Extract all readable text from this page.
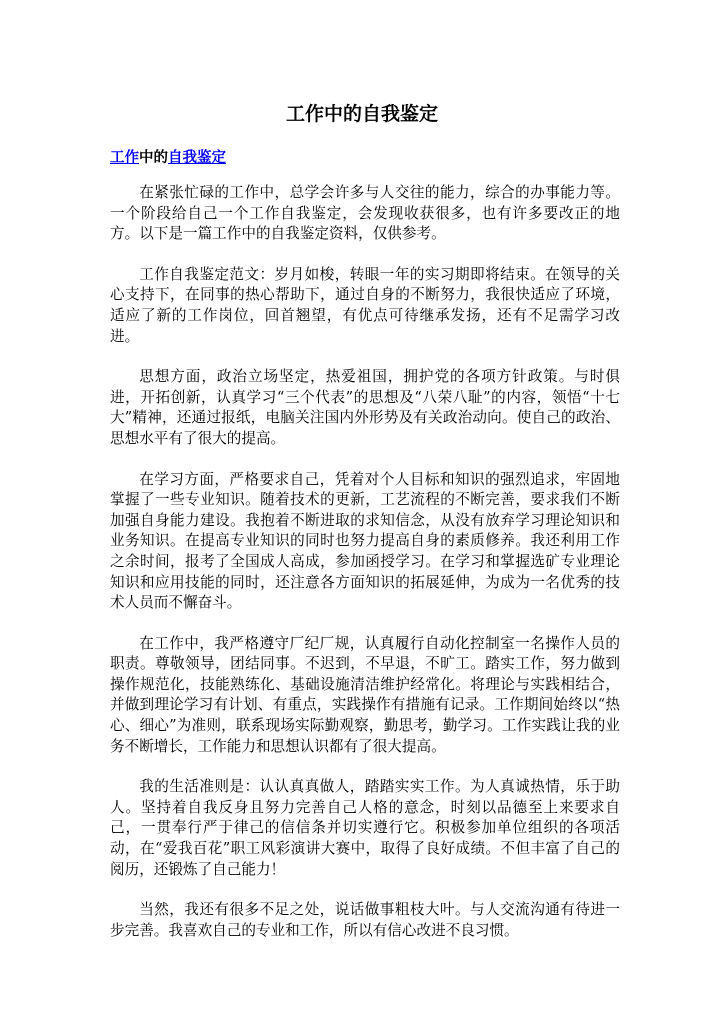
工作中的自我鉴定
工作中的自我鉴定

在紧张忙碌的工作中，总学会许多与人交往的能力，综合的办事能力等。一个阶段给自己一个工作自我鉴定，会发现收获很多，也有许多要改正的地方。以下是一篇工作中的自我鉴定资料，仅供参考。

工作自我鉴定范文：岁月如梭，转眼一年的实习期即将结束。在领导的关心支持下，在同事的热心帮助下，通过自身的不断努力，我很快适应了环境，适应了新的工作岗位，回首翘望，有优点可待继承发扬，还有不足需学习改进。

思想方面，政治立场坚定，热爱祖国，拥护党的各项方针政策。与时俱进，开拓创新，认真学习“三个代表”的思想及“八荣八耻”的内容，领悟“十七大”精神，还通过报纸，电脑关注国内外形势及有关政治动向。使自己的政治、思想水平有了很大的提高。

在学习方面，严格要求自己，凭着对个人目标和知识的强烈追求，牢固地掌握了一些专业知识。随着技术的更新，工艺流程的不断完善，要求我们不断加强自身能力建设。我抱着不断进取的求知信念，从没有放弃学习理论知识和业务知识。在提高专业知识的同时也努力提高自身的素质修养。我还利用工作之余时间，报考了全国成人高成，参加函授学习。在学习和掌握选矿专业理论知识和应用技能的同时，还注意各方面知识的拓展延伸，为成为一名优秀的技术人员而不懈奋斗。

在工作中，我严格遵守厂纪厂规，认真履行自动化控制室一名操作人员的职责。尊敬领导，团结同事。不迟到，不早退，不旷工。踏实工作，努力做到操作规范化，技能熟练化、基础设施清洁维护经常化。将理论与实践相结合，并做到理论学习有计划、有重点，实践操作有措施有记录。工作期间始终以“热心、细心”为准则，联系现场实际勤观察，勤思考，勤学习。工作实践让我的业务不断增长，工作能力和思想认识都有了很大提高。

我的生活准则是：认认真真做人，踏踏实实工作。为人真诚热情，乐于助人。坚持着自我反身且努力完善自己人格的意念，时刻以品德至上来要求自己，一贯奉行严于律己的信信条并切实遵行它。积极参加单位组织的各项活动，在“爱我百花”职工风彩演讲大赛中，取得了良好成绩。不但丰富了自己的阅历，还锻炼了自己能力！

当然，我还有很多不足之处，说话做事粗枝大叶。与人交流沟通有待进一步完善。我喜欢自己的专业和工作，所以有信心改进不良习惯。
